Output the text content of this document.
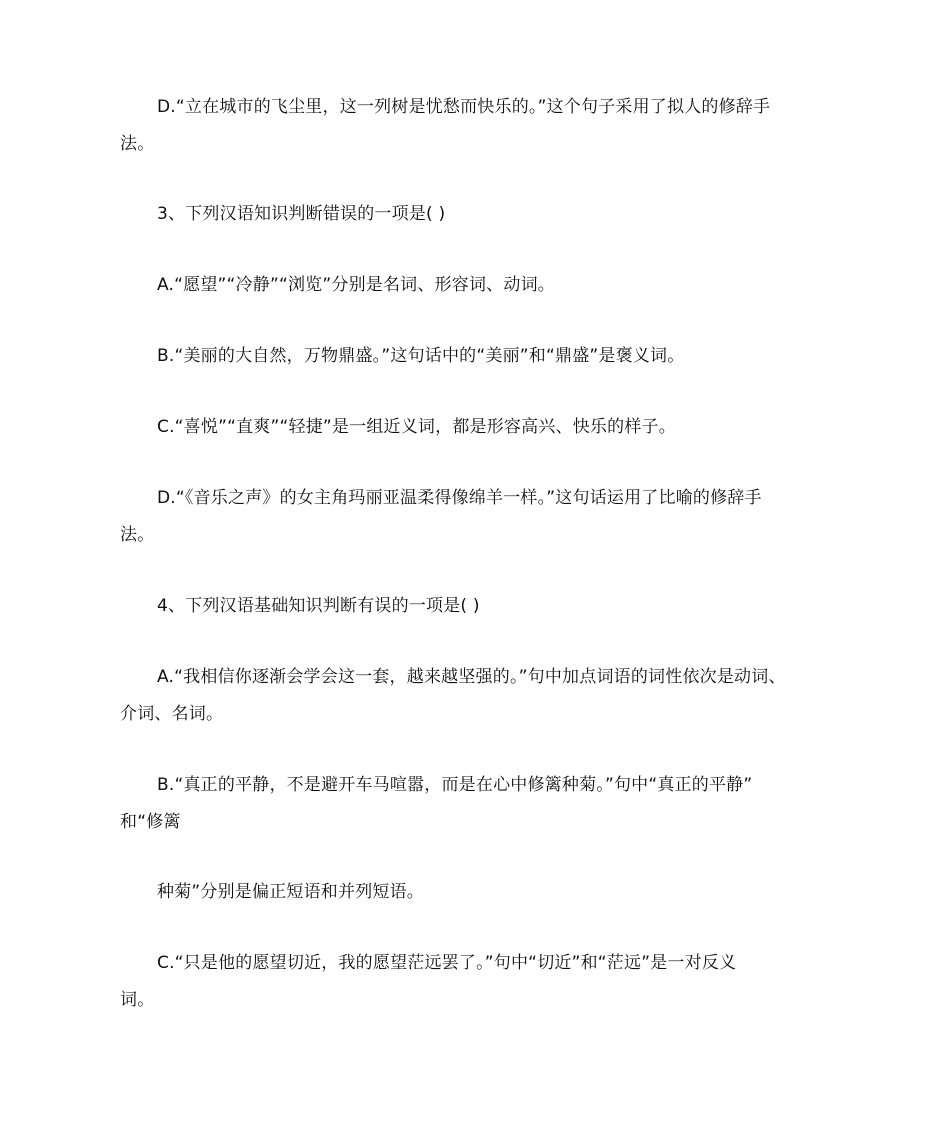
D.“立在城市的飞尘里，这一列树是忧愁而快乐的。”这个句子采用了拟人的修辞手
法。
3、下列汉语知识判断错误的一项是( )
A.“愿望”“冷静”“浏览”分别是名词、形容词、动词。
B.“美丽的大自然，万物鼎盛。”这句话中的“美丽”和“鼎盛”是褒义词。
C.“喜悦”“直爽”“轻捷”是一组近义词，都是形容高兴、快乐的样子。
D.“《音乐之声》的女主角玛丽亚温柔得像绵羊一样。”这句话运用了比喻的修辞手
法。
4、下列汉语基础知识判断有误的一项是( )
A.“我相信你逐渐会学会这一套，越来越坚强的。”句中加点词语的词性依次是动词、
介词、名词。
B.“真正的平静，不是避开车马喧嚣，而是在心中修篱种菊。”句中“真正的平静”
和“修篱
种菊”分别是偏正短语和并列短语。
C.“只是他的愿望切近，我的愿望茫远罢了。”句中“切近”和“茫远”是一对反义
词。
